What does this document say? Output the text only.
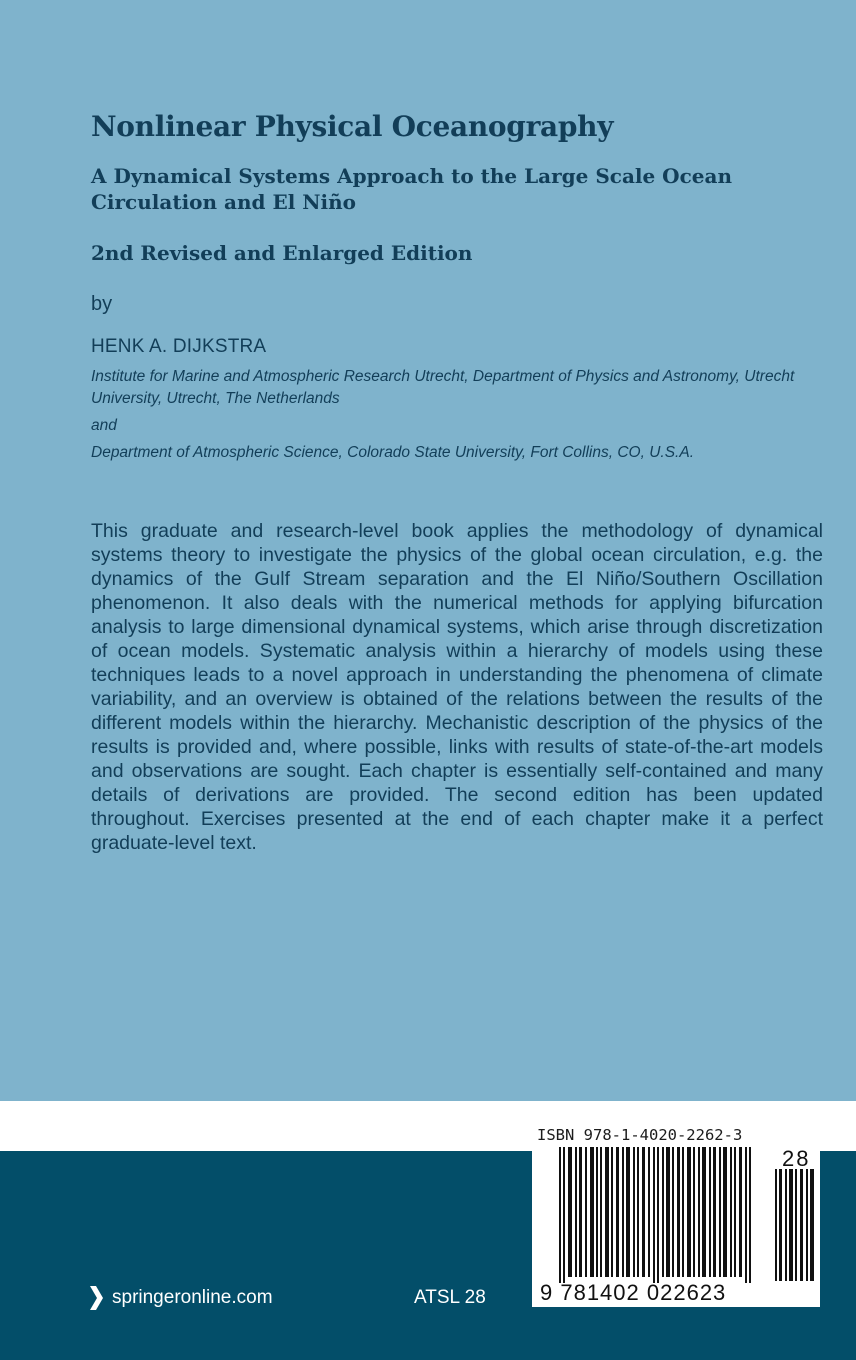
Nonlinear Physical Oceanography
A Dynamical Systems Approach to the Large Scale Ocean Circulation and El Niño
2nd Revised and Enlarged Edition
by
HENK A. DIJKSTRA
Institute for Marine and Atmospheric Research Utrecht, Department of Physics and Astronomy, Utrecht University, Utrecht, The Netherlands
and
Department of Atmospheric Science, Colorado State University, Fort Collins, CO, U.S.A.

This graduate and research-level book applies the methodology of dynamical systems theory to investigate the physics of the global ocean circulation, e.g. the dynamics of the Gulf Stream separation and the El Niño/Southern Oscillation phenomenon. It also deals with the numerical methods for applying bifurcation analysis to large dimensional dynamical systems, which arise through discretization of ocean models. Systematic analysis within a hierarchy of models using these techniques leads to a novel approach in understanding the phenomena of climate variability, and an overview is obtained of the relations between the results of the different models within the hierarchy. Mechanistic description of the physics of the results is provided and, where possible, links with results of state-of-the-art models and observations are sought. Each chapter is essentially self-contained and many details of derivations are provided. The second edition has been updated throughout. Exercises presented at the end of each chapter make it a perfect graduate-level text.

springeronline.com	ATSL 28
ISBN 978-1-4020-2262-3
9 781402 022623
28
